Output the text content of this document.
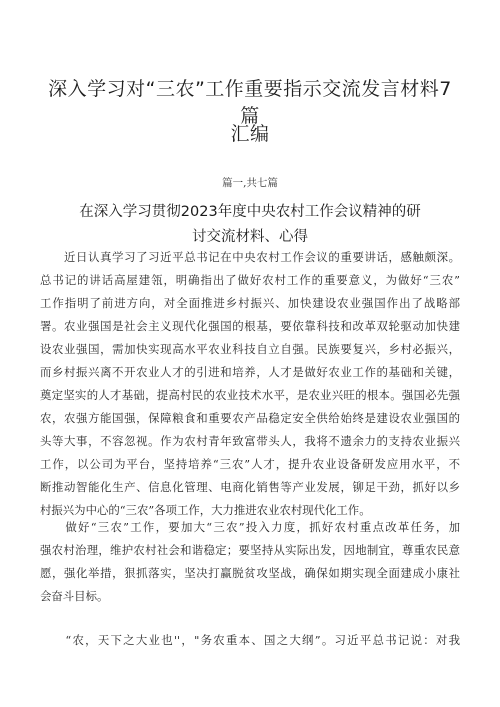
深入学习对“三农”工作重要指示交流发言材料7篇
汇编
篇一,共七篇
在深入学习贯彻2023年度中央农村工作会议精神的研
讨交流材料、心得
　　近日认真学习了习近平总书记在中央农村工作会议的重要讲话，感触颇深。
总书记的讲话高屋建瓴，明确指出了做好农村工作的重要意义，为做好“三农”
工作指明了前进方向，对全面推进乡村振兴、加快建设农业强国作出了战略部
署。农业强国是社会主义现代化强国的根基，要依靠科技和改革双轮驱动加快建
设农业强国，需加快实现高水平农业科技自立自强。民族要复兴，乡村必振兴，
而乡村振兴离不开农业人才的引进和培养，人才是做好农业工作的基础和关键，
奠定坚实的人才基础，提高村民的农业技术水平，是农业兴旺的根本。强国必先强
农，农强方能国强，保障粮食和重要农产品稳定安全供给始终是建设农业强国的
头等大事，不容忽视。作为农村青年致富带头人，我将不遗余力的支持农业振兴
工作，以公司为平台，坚持培养“三农”人才，提升农业设备研发应用水平，不
断推动智能化生产、信息化管理、电商化销售等产业发展，铆足干劲，抓好以乡
村振兴为中心的“三农”各项工作，大力推进农业农村现代化工作。
　　做好“三农”工作，要加大“三农”投入力度，抓好农村重点改革任务，加
强农村治理，维护农村社会和谐稳定；要坚持从实际出发，因地制宜，尊重农民意
愿，强化举措，狠抓落实，坚决打赢脱贫攻坚战，确保如期实现全面建成小康社
会奋斗目标。
　　“农，天下之大业也''，"务农重本、国之大纲”。习近平总书记说：对我
